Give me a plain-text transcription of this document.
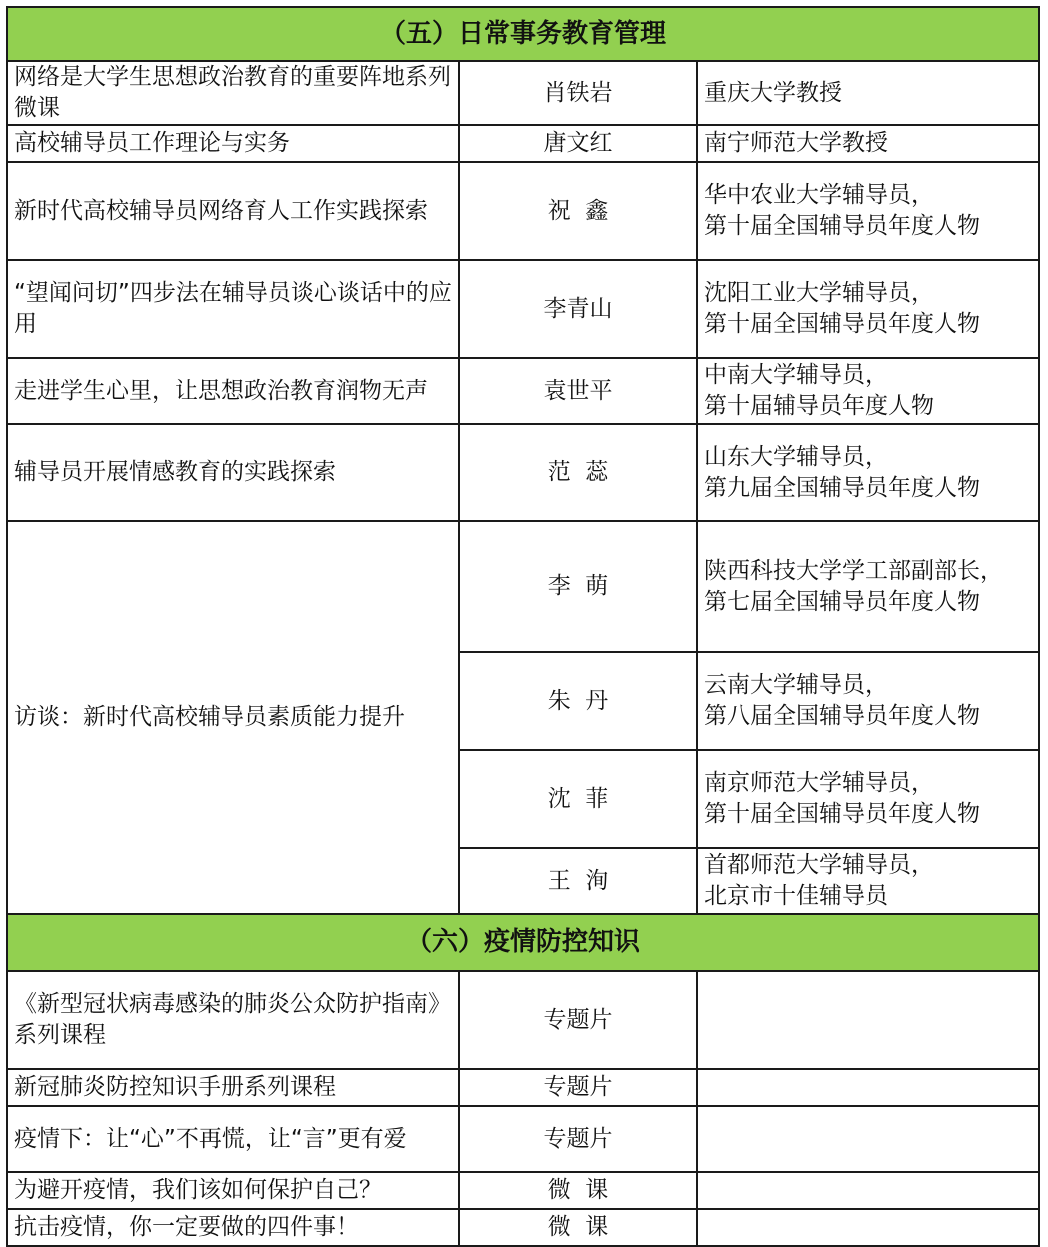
（五）日常事务教育管理		
网络是大学生思想政治教育的重要阵地系列微课	肖铁岩	重庆大学教授
高校辅导员工作理论与实务	唐文红	南宁师范大学教授
新时代高校辅导员网络育人工作实践探索	祝  鑫	华中农业大学辅导员，
第十届全国辅导员年度人物
“望闻问切”四步法在辅导员谈心谈话中的应用	李青山	沈阳工业大学辅导员，
第十届全国辅导员年度人物
走进学生心里，让思想政治教育润物无声	袁世平	中南大学辅导员，
第十届辅导员年度人物
辅导员开展情感教育的实践探索	范  蕊	山东大学辅导员，
第九届全国辅导员年度人物
访谈：新时代高校辅导员素质能力提升	李  萌	陕西科技大学学工部副部长，
第七届全国辅导员年度人物
	朱  丹	云南大学辅导员，
第八届全国辅导员年度人物
	沈  菲	南京师范大学辅导员，
第十届全国辅导员年度人物
	王  洵	首都师范大学辅导员，
北京市十佳辅导员
（六）疫情防控知识		
《新型冠状病毒感染的肺炎公众防护指南》系列课程	专题片	
新冠肺炎防控知识手册系列课程	专题片	
疫情下：让“心”不再慌，让“言”更有爱	专题片	
为避开疫情，我们该如何保护自己？	微  课	
抗击疫情，你一定要做的四件事！	微  课	
